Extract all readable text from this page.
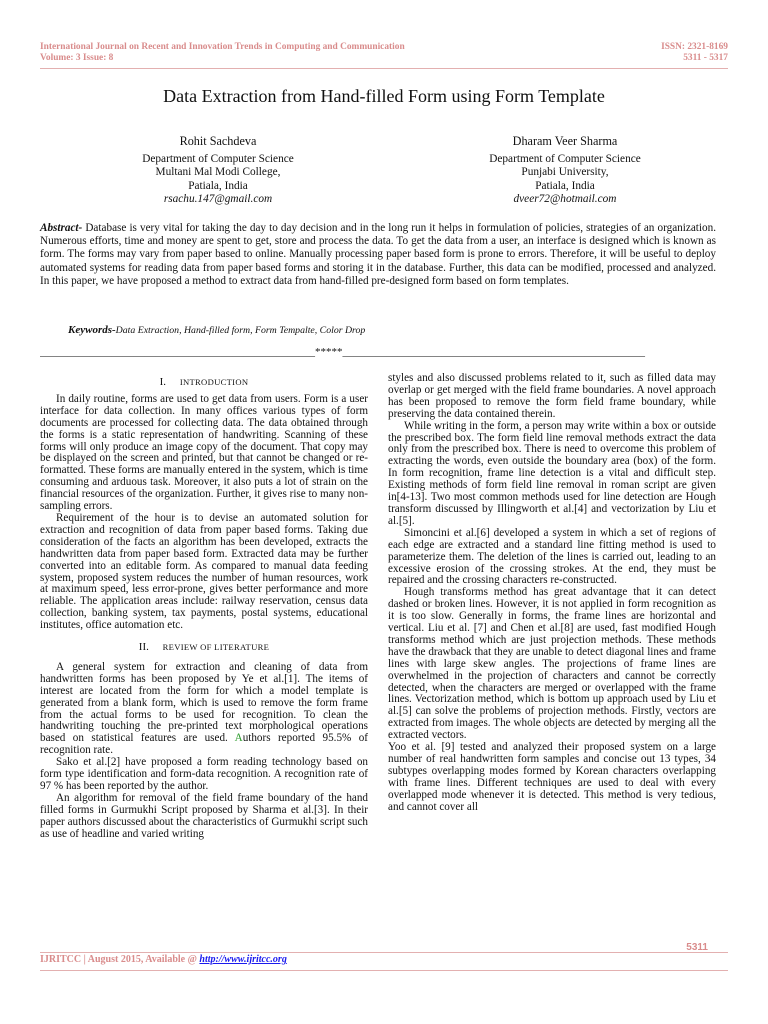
International Journal on Recent and Innovation Trends in Computing and Communication
Volume: 3 Issue: 8
ISSN: 2321-8169
5311 - 5317
Data Extraction from Hand-filled Form using Form Template
Rohit Sachdeva
Department of Computer Science
Multani Mal Modi College,
Patiala, India
rsachu.147@gmail.com
Dharam Veer Sharma
Department of Computer Science
Punjabi University,
Patiala, India
dveer72@hotmail.com
Abstract- Database is very vital for taking the day to day decision and in the long run it helps in formulation of policies, strategies of an organization. Numerous efforts, time and money are spent to get, store and process the data. To get the data from a user, an interface is designed which is known as form. The forms may vary from paper based to online. Manually processing paper based form is prone to errors. Therefore, it will be useful to deploy automated systems for reading data from paper based forms and storing it in the database. Further, this data can be modified, processed and analyzed. In this paper, we have proposed a method to extract data from hand-filled pre-designed form based on form templates.
Keywords-Data Extraction, Hand-filled form, Form Tempalte, Color Drop
__________________________________________________*****_______________________________________________________
I. INTRODUCTION

In daily routine, forms are used to get data from users. Form is a user interface for data collection. In many offices various types of form documents are processed for collecting data. The data obtained through the forms is a static representation of handwriting. Scanning of these forms will only produce an image copy of the document. That copy may be displayed on the screen and printed, but that cannot be changed or re-formatted. These forms are manually entered in the system, which is time consuming and arduous task. Moreover, it also puts a lot of strain on the financial resources of the organization. Further, it gives rise to many non-sampling errors.

Requirement of the hour is to devise an automated solution for extraction and recognition of data from paper based forms. Taking due consideration of the facts an algorithm has been developed, extracts the handwritten data from paper based form. Extracted data may be further converted into an editable form. As compared to manual data feeding system, proposed system reduces the number of human resources, work at maximum speed, less error-prone, gives better performance and more reliable. The application areas include: railway reservation, census data collection, banking system, tax payments, postal systems, educational institutes, office automation etc.

II. REVIEW OF LITERATURE

A general system for extraction and cleaning of data from handwritten forms has been proposed by Ye et al.[1]. The items of interest are located from the form for which a model template is generated from a blank form, which is used to remove the form frame from the actual forms to be used for recognition. To clean the handwriting touching the pre-printed text morphological operations based on statistical features are used. Authors reported 95.5% of recognition rate.

Sako et al.[2] have proposed a form reading technology based on form type identification and form-data recognition. A recognition rate of 97 % has been reported by the author.

An algorithm for removal of the field frame boundary of the hand filled forms in Gurmukhi Script proposed by Sharma et al.[3]. In their paper authors discussed about the characteristics of Gurmukhi script such as use of headline and varied writing

styles and also discussed problems related to it, such as filled data may overlap or get merged with the field frame boundaries. A novel approach has been proposed to remove the form field frame boundary, while preserving the data contained therein.

While writing in the form, a person may write within a box or outside the prescribed box. The form field line removal methods extract the data only from the prescribed box. There is need to overcome this problem of extracting the words, even outside the boundary area (box) of the form. In form recognition, frame line detection is a vital and difficult step. Existing methods of form field line removal in roman script are given in[4-13]. Two most common methods used for line detection are Hough transform discussed by Illingworth et al.[4] and vectorization by Liu et al.[5].

Simoncini et al.[6] developed a system in which a set of regions of each edge are extracted and a standard line fitting method is used to parameterize them. The deletion of the lines is carried out, leading to an excessive erosion of the crossing strokes. At the end, they must be repaired and the crossing characters re-constructed.

Hough transforms method has great advantage that it can detect dashed or broken lines. However, it is not applied in form recognition as it is too slow. Generally in forms, the frame lines are horizontal and vertical. Liu et al. [7] and Chen et al.[8] are used, fast modified Hough transforms method which are just projection methods. These methods have the drawback that they are unable to detect diagonal lines and frame lines with large skew angles. The projections of frame lines are overwhelmed in the projection of characters and cannot be correctly detected, when the characters are merged or overlapped with the frame lines. Vectorization method, which is bottom up approach used by Liu et al.[5] can solve the problems of projection methods. Firstly, vectors are extracted from images. The whole objects are detected by merging all the extracted vectors.

Yoo et al. [9] tested and analyzed their proposed system on a large number of real handwritten form samples and concise out 13 types, 34 subtypes overlapping modes formed by Korean characters overlapping with frame lines. Different techniques are used to deal with every overlapped mode whenever it is detected. This method is very tedious, and cannot cover all

5311
IJRITCC | August 2015, Available @ http://www.ijritcc.org
